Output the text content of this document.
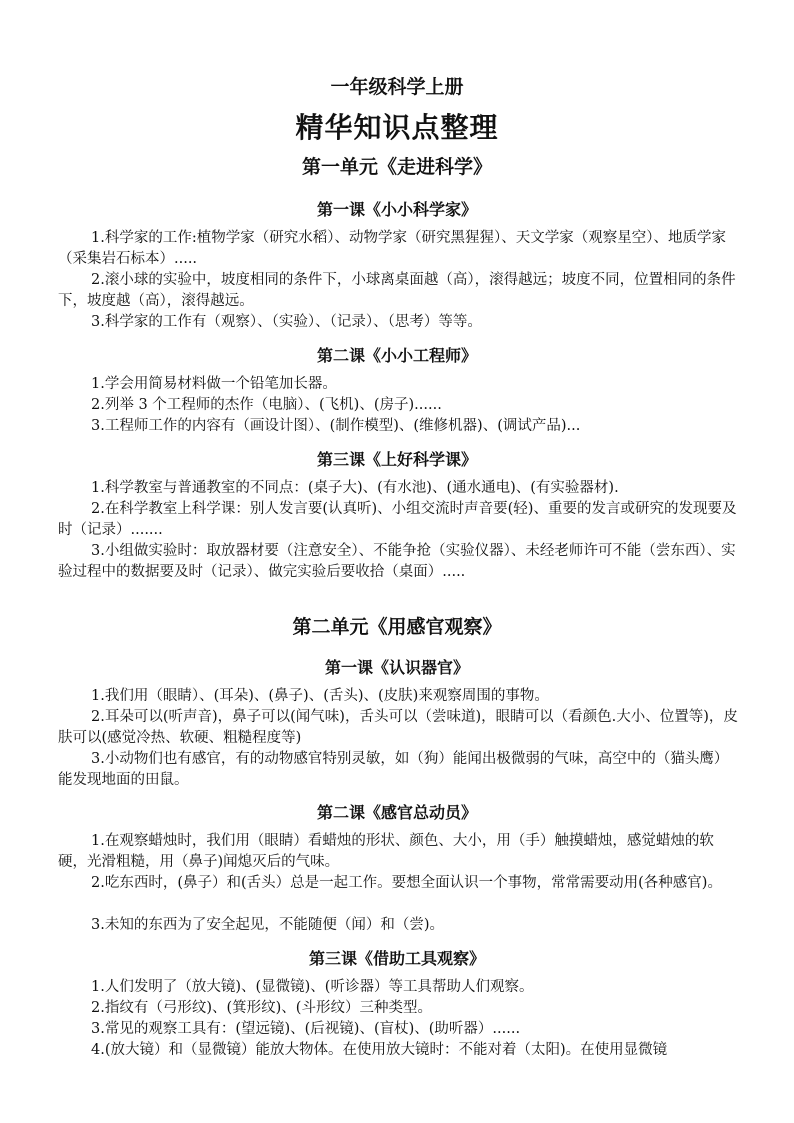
一年级科学上册
精华知识点整理
第一单元《走进科学》
第一课《小小科学家》

1.科学家的工作:植物学家（研究水稻）、动物学家（研究黑猩猩）、天文学家（观察星空）、地质学家（采集岩石标本）.....

2.滚小球的实验中，坡度相同的条件下，小球离桌面越（高），滚得越远；坡度不同，位置相同的条件下，坡度越（高），滚得越远。

3.科学家的工作有（观察）、（实验）、（记录）、（思考）等等。

第二课《小小工程师》

1.学会用简易材料做一个铅笔加长器。

2.列举 3 个工程师的杰作（电脑）、(飞机)、(房子)......

3.工程师工作的内容有（画设计图）、(制作模型)、(维修机器)、(调试产品)...

第三课《上好科学课》

1.科学教室与普通教室的不同点：(桌子大)、(有水池)、(通水通电)、(有实验器材).

2.在科学教室上科学课：别人发言要(认真听)、小组交流时声音要(轻)、重要的发言或研究的发现要及时（记录）.......

3.小组做实验时：取放器材要（注意安全）、不能争抢（实验仪器）、未经老师许可不能（尝东西）、实验过程中的数据要及时（记录）、做完实验后要收拾（桌面）.....

第二单元《用感官观察》
第一课《认识器官》

1.我们用（眼睛）、(耳朵)、(鼻子)、(舌头)、(皮肤)来观察周围的事物。

2.耳朵可以(听声音)，鼻子可以(闻气味)，舌头可以（尝味道)，眼睛可以（看颜色.大小、位置等)，皮肤可以(感觉冷热、软硬、粗糙程度等)

3.小动物们也有感官，有的动物感官特别灵敏，如（狗）能闻出极微弱的气味，高空中的（猫头鹰）能发现地面的田鼠。

第二课《感官总动员》

1.在观察蜡烛时，我们用（眼睛）看蜡烛的形状、颜色、大小，用（手）触摸蜡烛，感觉蜡烛的软硬，光滑粗糙，用（鼻子)闻熄灭后的气味。

2.吃东西时，(鼻子）和(舌头）总是一起工作。要想全面认识一个事物，常常需要动用(各种感官)。

3.未知的东西为了安全起见，不能随便（闻）和（尝)。

第三课《借助工具观察》

1.人们发明了（放大镜)、(显微镜)、(听诊器）等工具帮助人们观察。

2.指纹有（弓形纹)、(箕形纹)、(斗形纹）三种类型。

3.常见的观察工具有：(望远镜)、(后视镜)、(盲杖)、(助听器）......

4.(放大镜）和（显微镜）能放大物体。在使用放大镜时：不能对着（太阳)。在使用显微镜
